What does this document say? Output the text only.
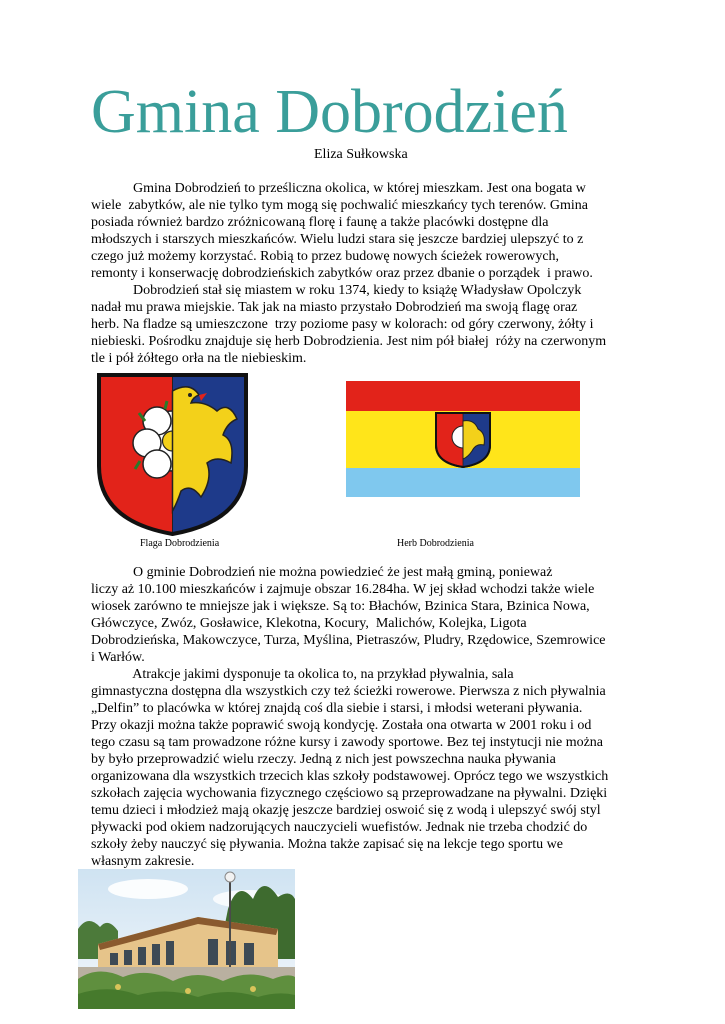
Gmina Dobrodzień
Eliza Sułkowska
Gmina Dobrodzień to prześliczna okolica, w której mieszkam. Jest ona bogata w
wiele  zabytków, ale nie tylko tym mogą się pochwalić mieszkańcy tych terenów. Gmina
posiada również bardzo zróżnicowaną florę i faunę a także placówki dostępne dla
młodszych i starszych mieszkańców. Wielu ludzi stara się jeszcze bardziej ulepszyć to z
czego już możemy korzystać. Robią to przez budowę nowych ścieżek rowerowych,
remonty i konserwację dobrodzieńskich zabytków oraz przez dbanie o porządek  i prawo.
Dobrodzień stał się miastem w roku 1374, kiedy to książę Władysław Opolczyk
nadał mu prawa miejskie. Tak jak na miasto przystało Dobrodzień ma swoją flagę oraz
herb. Na fladze są umieszczone  trzy poziome pasy w kolorach: od góry czerwony, żółty i
niebieski. Pośrodku znajduje się herb Dobrodzienia. Jest nim pół białej  róży na czerwonym
tle i pół żółtego orła na tle niebieskim.
Flaga Dobrodzienia	Herb Dobrodzienia
O gminie Dobrodzień nie można powiedzieć że jest małą gminą, ponieważ
liczy aż 10.100 mieszkańców i zajmuje obszar 16.284ha. W jej skład wchodzi także wiele
wiosek zarówno te mniejsze jak i większe. Są to: Błachów, Bzinica Stara, Bzinica Nowa,
Główczyce, Zwóz, Gosławice, Klekotna, Kocury,  Malichów, Kolejka, Ligota
Dobrodzieńska, Makowczyce, Turza, Myślina, Pietraszów, Pludry, Rzędowice, Szemrowice
i Warłów.
Atrakcje jakimi dysponuje ta okolica to, na przykład pływalnia, sala
gimnastyczna dostępna dla wszystkich czy też ścieżki rowerowe. Pierwsza z nich pływalnia
„Delfin” to placówka w której znajdą coś dla siebie i starsi, i młodsi weterani pływania.
Przy okazji można także poprawić swoją kondycję. Została ona otwarta w 2001 roku i od
tego czasu są tam prowadzone różne kursy i zawody sportowe. Bez tej instytucji nie można
by było przeprowadzić wielu rzeczy. Jedną z nich jest powszechna nauka pływania
organizowana dla wszystkich trzecich klas szkoły podstawowej. Oprócz tego we wszystkich
szkołach zajęcia wychowania fizycznego częściowo są przeprowadzane na pływalni. Dzięki
temu dzieci i młodzież mają okazję jeszcze bardziej oswoić się z wodą i ulepszyć swój styl
pływacki pod okiem nadzorujących nauczycieli wuefistów. Jednak nie trzeba chodzić do
szkoły żeby nauczyć się pływania. Można także zapisać się na lekcje tego sportu we
własnym zakresie.
